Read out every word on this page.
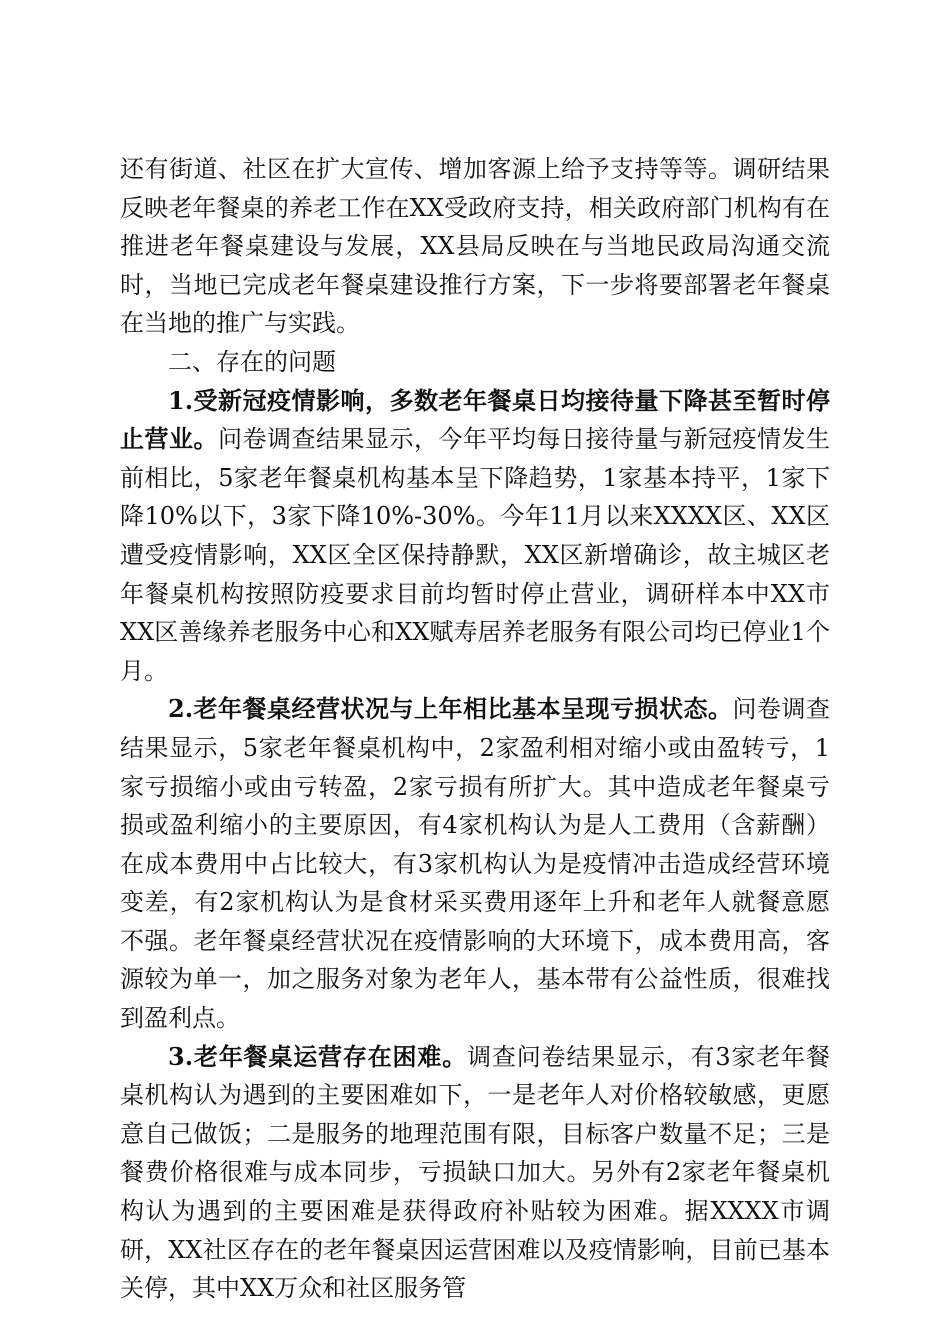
还有街道、社区在扩大宣传、增加客源上给予支持等等。调研结果反映老年餐桌的养老工作在XX受政府支持，相关政府部门机构有在推进老年餐桌建设与发展，XX县局反映在与当地民政局沟通交流时，当地已完成老年餐桌建设推行方案，下一步将要部署老年餐桌在当地的推广与实践。

二、存在的问题

1.受新冠疫情影响，多数老年餐桌日均接待量下降甚至暂时停止营业。问卷调查结果显示，今年平均每日接待量与新冠疫情发生前相比，5家老年餐桌机构基本呈下降趋势，1家基本持平，1家下降10%以下，3家下降10%-30%。今年11月以来XXXX区、XX区遭受疫情影响，XX区全区保持静默，XX区新增确诊，故主城区老年餐桌机构按照防疫要求目前均暂时停止营业，调研样本中XX市XX区善缘养老服务中心和XX赋寿居养老服务有限公司均已停业1个月。

2.老年餐桌经营状况与上年相比基本呈现亏损状态。问卷调查结果显示，5家老年餐桌机构中，2家盈利相对缩小或由盈转亏，1家亏损缩小或由亏转盈，2家亏损有所扩大。其中造成老年餐桌亏损或盈利缩小的主要原因，有4家机构认为是人工费用（含薪酬）在成本费用中占比较大，有3家机构认为是疫情冲击造成经营环境变差，有2家机构认为是食材采买费用逐年上升和老年人就餐意愿不强。老年餐桌经营状况在疫情影响的大环境下，成本费用高，客源较为单一，加之服务对象为老年人，基本带有公益性质，很难找到盈利点。

3.老年餐桌运营存在困难。调查问卷结果显示，有3家老年餐桌机构认为遇到的主要困难如下，一是老年人对价格较敏感，更愿意自己做饭；二是服务的地理范围有限，目标客户数量不足；三是餐费价格很难与成本同步，亏损缺口加大。另外有2家老年餐桌机构认为遇到的主要困难是获得政府补贴较为困难。据XXXX市调研，XX社区存在的老年餐桌因运营困难以及疫情影响，目前已基本关停，其中XX万众和社区服务管
